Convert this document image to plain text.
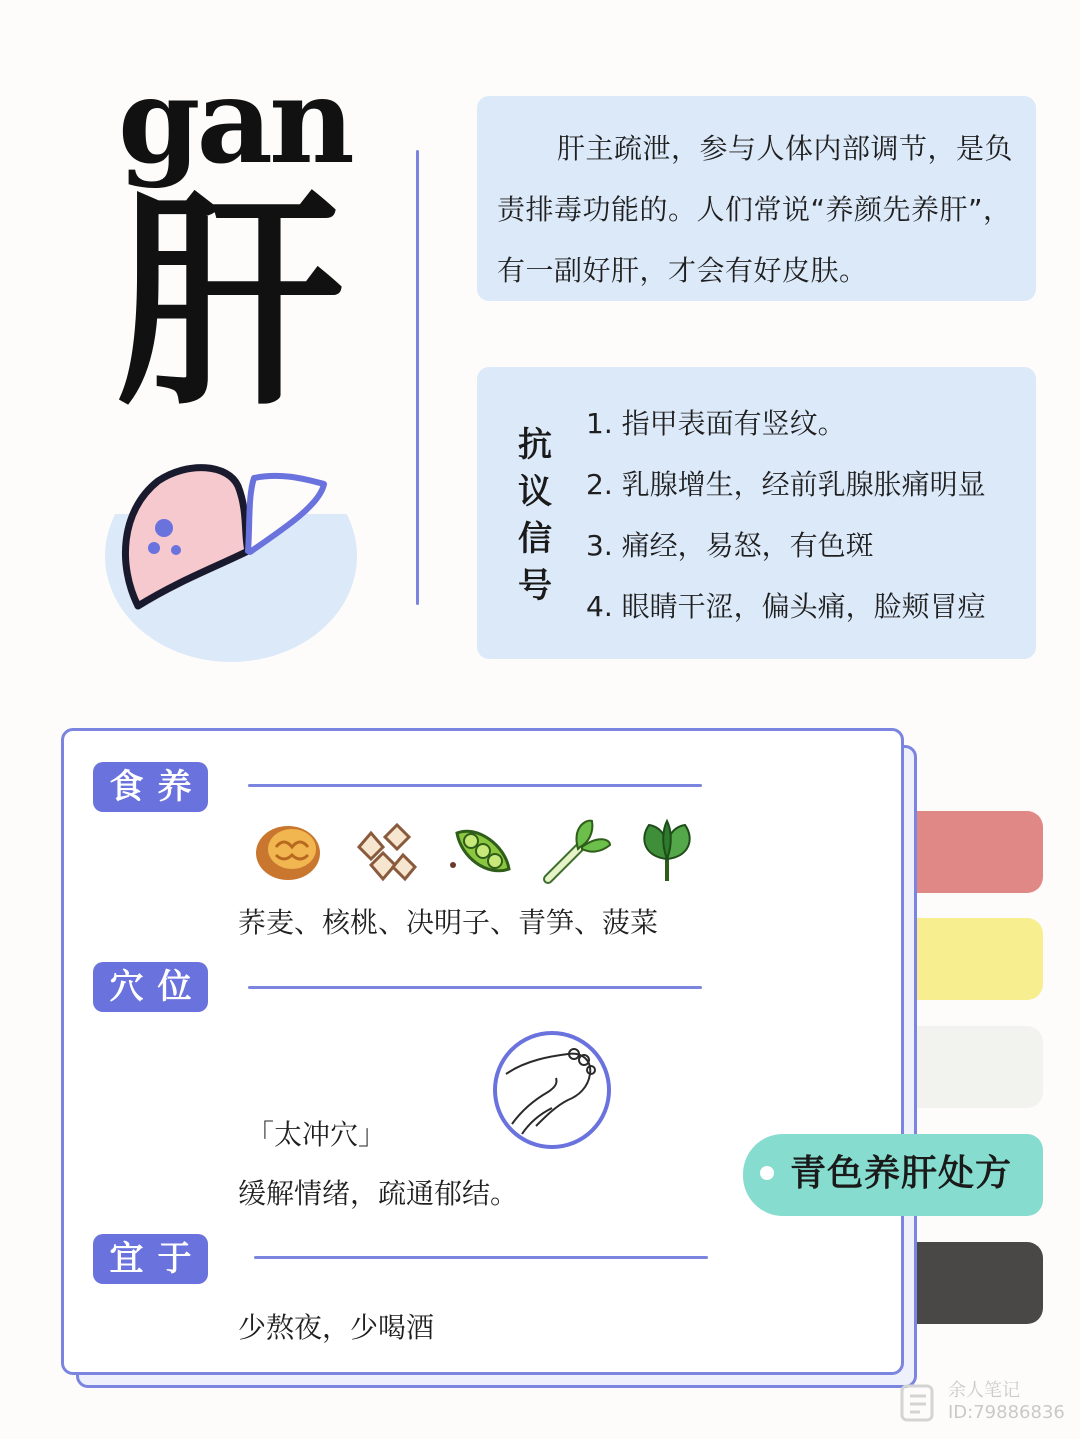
gan
肝
肝主疏泄，参与人体内部调节，是负责排毒功能的。人们常说“养颜先养肝”，有一副好肝，才会有好皮肤。
抗
议
信
号
1. 指甲表面有竖纹。
2. 乳腺增生，经前乳腺胀痛明显
3. 痛经，易怒，有色斑
4. 眼睛干涩，偏头痛，脸颊冒痘
青色养肝处方
食养
荞麦、核桃、决明子、青笋、菠菜
穴位
「太冲穴」
缓解情绪，疏通郁结。
宜于
少熬夜，少喝酒
余人笔记
ID:79886836
